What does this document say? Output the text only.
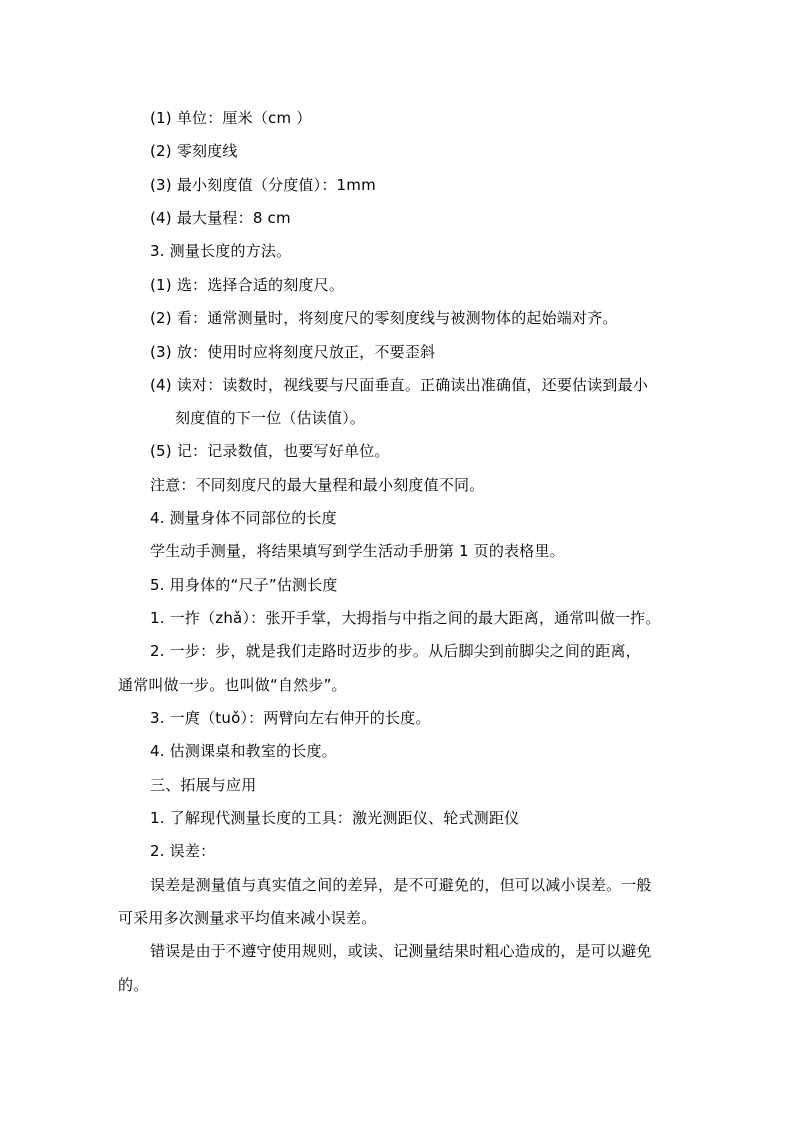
(1) 单位：厘米（cm ）
(2) 零刻度线
(3) 最小刻度值（分度值）：1mm
(4) 最大量程：8 cm
3. 测量长度的方法。
(1) 选：选择合适的刻度尺。
(2) 看：通常测量时，将刻度尺的零刻度线与被测物体的起始端对齐。
(3) 放：使用时应将刻度尺放正，不要歪斜
(4) 读对：读数时，视线要与尺面垂直。正确读出准确值，还要估读到最小
刻度值的下一位（估读值）。
(5) 记：记录数值，也要写好单位。
注意：不同刻度尺的最大量程和最小刻度值不同。
4. 测量身体不同部位的长度
学生动手测量，将结果填写到学生活动手册第 1 页的表格里。
5. 用身体的“尺子”估测长度
1. 一拃（zhǎ）：张开手掌，大拇指与中指之间的最大距离，通常叫做一拃。
2. 一步：步，就是我们走路时迈步的步。从后脚尖到前脚尖之间的距离，
通常叫做一步。也叫做“自然步”。
3. 一庹（tuǒ）：两臂向左右伸开的长度。
4. 估测课桌和教室的长度。
三、拓展与应用
1. 了解现代测量长度的工具：激光测距仪、轮式测距仪
2. 误差：
误差是测量值与真实值之间的差异，是不可避免的，但可以减小误差。一般
可采用多次测量求平均值来减小误差。
错误是由于不遵守使用规则，或读、记测量结果时粗心造成的，是可以避免
的。
